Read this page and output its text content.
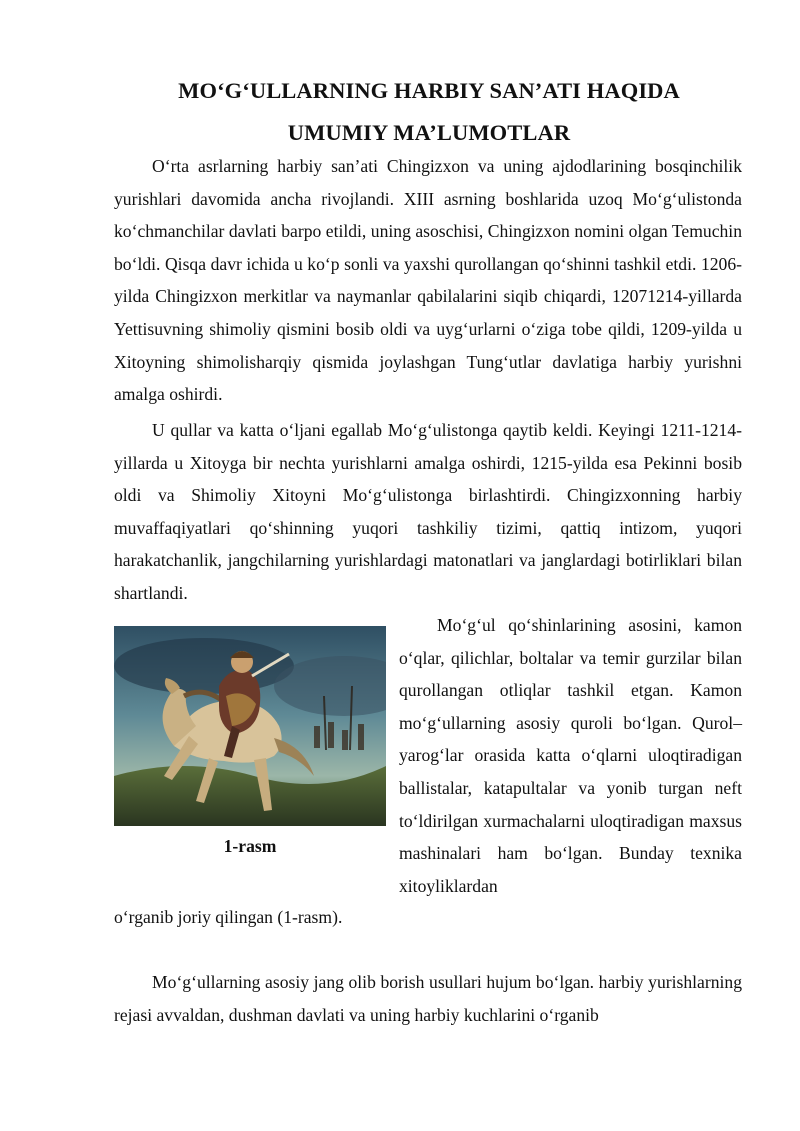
MO‘G‘ULLARNING HARBIY SAN’ATI HAQIDA
UMUMIY MA’LUMOTLAR

O‘rta asrlarning harbiy san’ati Chingizxon va uning ajdodlarining bosqinchilik yurishlari davomida ancha rivojlandi. XIII asrning boshlarida uzoq Mo‘g‘ulistonda ko‘chmanchilar davlati barpo etildi, uning asoschisi, Chingizxon nomini olgan Temuchin bo‘ldi. Qisqa davr ichida u ko‘p sonli va yaxshi qurollangan qo‘shinni tashkil etdi. 1206-yilda Chingizxon merkitlar va naymanlar qabilalarini siqib chiqardi, 12071214-yillarda Yettisuvning shimoliy qismini bosib oldi va uyg‘urlarni o‘ziga tobe qildi, 1209-yilda u Xitoyning shimolisharqiy qismida joylashgan Tung‘utlar davlatiga harbiy yurishni amalga oshirdi.

U qullar va katta o‘ljani egallab Mo‘g‘ulistonga qaytib keldi. Keyingi 1211-1214-yillarda u Xitoyga bir nechta yurishlarni amalga oshirdi, 1215-yilda esa Pekinni bosib oldi va Shimoliy Xitoyni Mo‘g‘ulistonga birlashtirdi. Chingizxonning harbiy muvaffaqiyatlari qo‘shinning yuqori tashkiliy tizimi, qattiq intizom, yuqori harakatchanlik, jangchilarning yurishlardagi matonatlari va janglardagi botirliklari bilan shartlandi.

1-rasm

Mo‘g‘ul qo‘shinlarining asosini, kamon o‘qlar, qilichlar, boltalar va temir gurzilar bilan qurollangan otliqlar tashkil etgan. Kamon mo‘g‘ullarning asosiy quroli bo‘lgan. Qurol–yarog‘lar orasida katta o‘qlarni uloqtiradigan ballistalar, katapultalar va yonib turgan neft to‘ldirilgan xurmachalarni uloqtiradigan maxsus mashinalari ham bo‘lgan. Bunday texnika xitoyliklardan

o‘rganib joriy qilingan (1-rasm).

Mo‘g‘ullarning asosiy jang olib borish usullari hujum bo‘lgan. harbiy yurishlarning rejasi avvaldan, dushman davlati va uning harbiy kuchlarini o‘rganib
